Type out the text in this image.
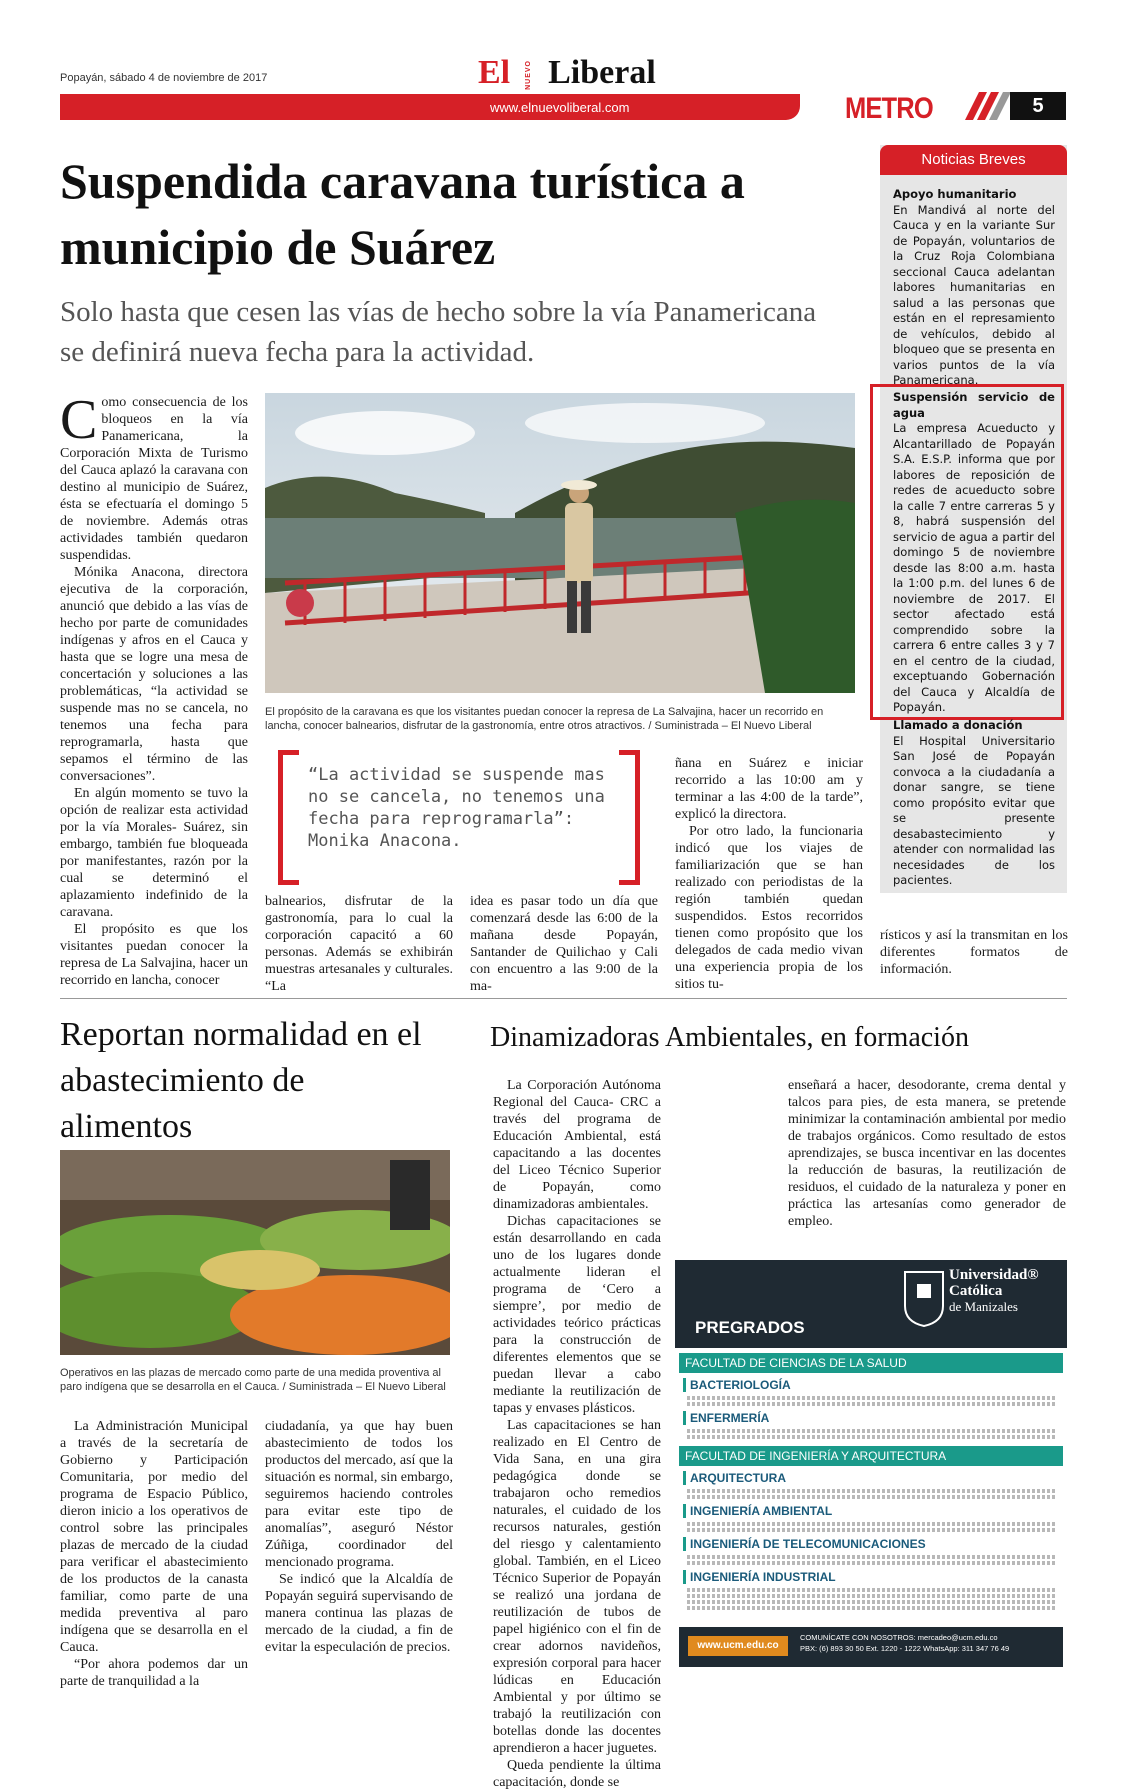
Popayán, sábado 4 de noviembre de 2017	El NUEVO Liberal
www.elnuevoliberal.com	METRO	5
Suspendida caravana turística a municipio de Suárez
Solo hasta que cesen las vías de hecho sobre la vía Panamericana se definirá nueva fecha para la actividad.

Como consecuencia de los bloqueos en la vía Panamericana, la Corporación Mixta de Turismo del Cauca aplazó la caravana con destino al municipio de Suárez, ésta se efectuaría el domingo 5 de noviembre. Además otras actividades también quedaron suspendidas.

Mónika Anacona, directora ejecutiva de la corporación, anunció que debido a las vías de hecho por parte de comunidades indígenas y afros en el Cauca y hasta que se logre una mesa de concertación y soluciones a las problemáticas, “la actividad se suspende mas no se cancela, no tenemos una fecha para reprogramarla, hasta que sepamos el término de las conversaciones”.

En algún momento se tuvo la opción de realizar esta actividad por la vía Morales- Suárez, sin embargo, también fue bloqueada por manifestantes, razón por la cual se determinó el aplazamiento indefinido de la caravana.

El propósito es que los visitantes puedan conocer la represa de La Salvajina, hacer un recorrido en lancha, conocer

El propósito de la caravana es que los visitantes puedan conocer la represa de La Salvajina, hacer un recorrido en lancha, conocer balnearios, disfrutar de la gastronomía, entre otros atractivos. / Suministrada – El Nuevo Liberal
“La actividad se suspende mas no se cancela, no tenemos una fecha para reprogramarla”: Monika Anacona.

balnearios, disfrutar de la gastronomía, para lo cual la corporación capacitó a 60 personas. Además se exhibirán muestras artesanales y culturales. “La

idea es pasar todo un día que comenzará desde las 6:00 de la mañana desde Popayán, Santander de Quilichao y Cali con encuentro a las 9:00 de la ma-

ñana en Suárez e iniciar recorrido a las 10:00 am y terminar a las 4:00 de la tarde”, explicó la directora.

Por otro lado, la funcionaria indicó que los viajes de familiarización que se han realizado con periodistas de la región también quedan suspendidos. Estos recorridos tienen como propósito que los delegados de cada medio vivan una experiencia propia de los sitios tu-

rísticos y así la transmitan en los diferentes formatos de información.

Noticias Breves
Apoyo humanitario
En Mandivá al norte del Cauca y en la variante Sur de Popayán, voluntarios de la Cruz Roja Colombiana seccional Cauca adelantan labores humanitarias en salud a las personas que están en el represamiento de vehículos, debido al bloqueo que se presenta en varios puntos de la vía Panamericana.
Suspensión servicio de agua
La empresa Acueducto y Alcantarillado de Popayán S.A. E.S.P. informa que por labores de reposición de redes de acueducto sobre la calle 7 entre carreras 5 y 8, habrá suspensión del servicio de agua a partir del domingo 5 de noviembre desde las 8:00 a.m. hasta la 1:00 p.m. del lunes 6 de noviembre de 2017. El sector afectado está comprendido sobre la carrera 6 entre calles 3 y 7 en el centro de la ciudad, exceptuando Gobernación del Cauca y Alcaldía de Popayán.
Llamado a donación
El Hospital Universitario San José de Popayán convoca a la ciudadanía a donar sangre, se tiene como propósito evitar que se presente desabastecimiento y atender con normalidad las necesidades de los pacientes.
Reportan normalidad en el abastecimiento de alimentos
Operativos en las plazas de mercado como parte de una medida proventiva al paro indígena que se desarrolla en el Cauca. / Suministrada – El Nuevo Liberal

La Administración Municipal a través de la secretaría de Gobierno y Participación Comunitaria, por medio del programa de Espacio Público, dieron inicio a los operativos de control sobre las principales plazas de mercado de la ciudad para verificar el abastecimiento de los productos de la canasta familiar, como parte de una medida preventiva al paro indígena que se desarrolla en el Cauca.

“Por ahora podemos dar un parte de tranquilidad a la

ciudadanía, ya que hay buen abastecimiento de todos los productos del mercado, así que la situación es normal, sin embargo, seguiremos haciendo controles para evitar este tipo de anomalías”, aseguró Néstor Zúñiga, coordinador del mencionado programa.

Se indicó que la Alcaldía de Popayán seguirá supervisando de manera continua las plazas de mercado de la ciudad, a fin de evitar la especulación de precios.

Dinamizadoras Ambientales, en formación

La Corporación Autónoma Regional del Cauca- CRC a través del programa de Educación Ambiental, está capacitando a las docentes del Liceo Técnico Superior de Popayán, como dinamizadoras ambientales.

Dichas capacitaciones se están desarrollando en cada uno de los lugares donde actualmente lideran el programa de ‘Cero a siempre’, por medio de actividades teórico prácticas para la construcción de diferentes elementos que se puedan llevar a cabo mediante la reutilización de tapas y envases plásticos.

Las capacitaciones se han realizado en El Centro de Vida Sana, en una gira pedagógica donde se trabajaron ocho remedios naturales, el cuidado de los recursos naturales, gestión del riesgo y calentamiento global. También, en el Liceo Técnico Superior de Popayán se realizó una jordana de reutilización de tubos de papel higiénico con el fin de crear adornos navideños, expresión corporal para hacer lúdicas en Educación Ambiental y por último se trabajó la reutilización con botellas donde las docentes aprendieron a hacer juguetes.

Queda pendiente la última capacitación, donde se

enseñará a hacer, desodorante, crema dental y talcos para pies, de esta manera, se pretende minimizar la contaminación ambiental por medio de trabajos orgánicos. Como resultado de estos aprendizajes, se busca incentivar en las docentes la reducción de basuras, la reutilización de residuos, el cuidado de la naturaleza y poner en práctica las artesanías como generador de empleo.

PREGRADOS
Universidad®
Católica
de Manizales
FACULTAD DE CIENCIAS DE LA SALUD
BACTERIOLOGÍA
ENFERMERÍA
FACULTAD DE INGENIERÍA Y ARQUITECTURA
ARQUITECTURA
INGENIERÍA AMBIENTAL
INGENIERÍA DE TELECOMUNICACIONES
INGENIERÍA INDUSTRIAL
www.ucm.edu.co
COMUNÍCATE CON NOSOTROS: mercadeo@ucm.edu.co
PBX: (6) 893 30 50 Ext. 1220 - 1222 WhatsApp: 311 347 76 49
